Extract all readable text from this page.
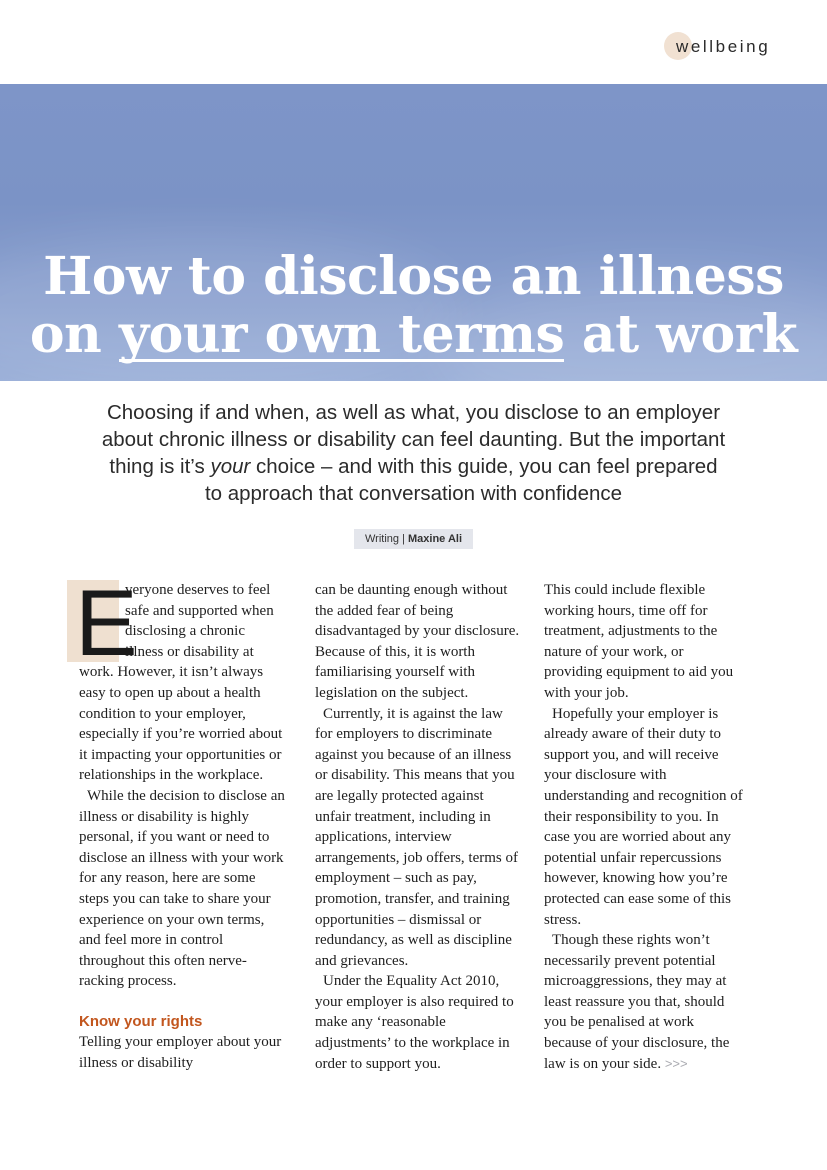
wellbeing
How to disclose an illness
on your own terms at work
Choosing if and when, as well as what, you disclose to an employer about chronic illness or disability can feel daunting. But the important thing is it’s your choice – and with this guide, you can feel prepared to approach that conversation with confidence
Writing | Maxine Ali
E

veryone deserves to feel safe and supported when disclosing a chronic illness or disability at work. However, it isn’t always easy to open up about a health condition to your employer, especially if you’re worried about it impacting your opportunities or relationships in the workplace.

While the decision to disclose an illness or disability is highly personal, if you want or need to disclose an illness with your work for any reason, here are some steps you can take to share your experience on your own terms, and feel more in control throughout this often nerve-racking process.

Know your rights

Telling your employer about your illness or disability

can be daunting enough without the added fear of being disadvantaged by your disclosure. Because of this, it is worth familiarising yourself with legislation on the subject.

Currently, it is against the law for employers to discriminate against you because of an illness or disability. This means that you are legally protected against unfair treatment, including in applications, interview arrangements, job offers, terms of employment – such as pay, promotion, transfer, and training opportunities – dismissal or redundancy, as well as discipline and grievances.

Under the Equality Act 2010, your employer is also required to make any ‘reasonable adjustments’ to the workplace in order to support you.

This could include flexible working hours, time off for treatment, adjustments to the nature of your work, or providing equipment to aid you with your job.

Hopefully your employer is already aware of their duty to support you, and will receive your disclosure with understanding and recognition of their responsibility to you. In case you are worried about any potential unfair repercussions however, knowing how you’re protected can ease some of this stress.

Though these rights won’t necessarily prevent potential microaggressions, they may at least reassure you that, should you be penalised at work because of your disclosure, the law is on your side. >>>
